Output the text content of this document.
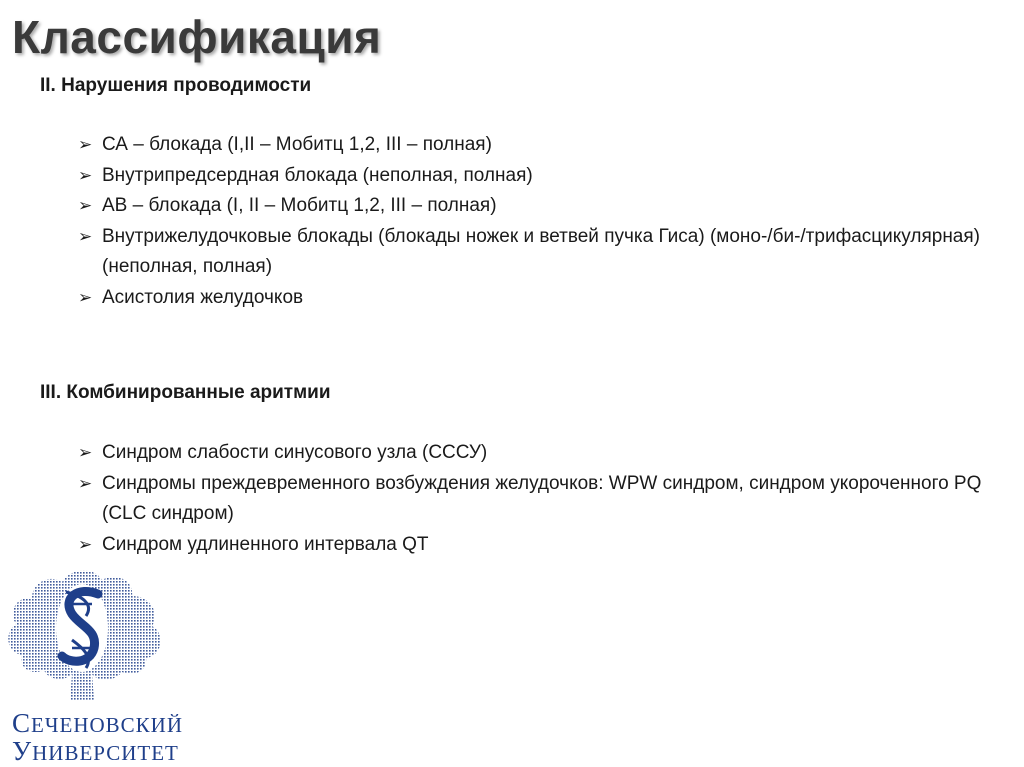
Классификация
II. Нарушения проводимости
➢ СА – блокада (I,II – Мобитц 1,2, III – полная)
➢ Внутрипредсердная блокада (неполная, полная)
➢ АВ – блокада (I, II – Мобитц 1,2, III – полная)
➢ Внутрижелудочковые блокады (блокады ножек и ветвей пучка Гиса) (моно-/би-/трифасцикулярная) (неполная, полная)
➢ Асистолия желудочков
III. Комбинированные аритмии
➢ Синдром слабости синусового узла (СССУ)
➢ Синдромы преждевременного возбуждения желудочков: WPW синдром, синдром укороченного PQ (CLC синдром)
➢ Синдром удлиненного интервала QT
СЕЧЕНОВСКИЙ
УНИВЕРСИТЕТ
